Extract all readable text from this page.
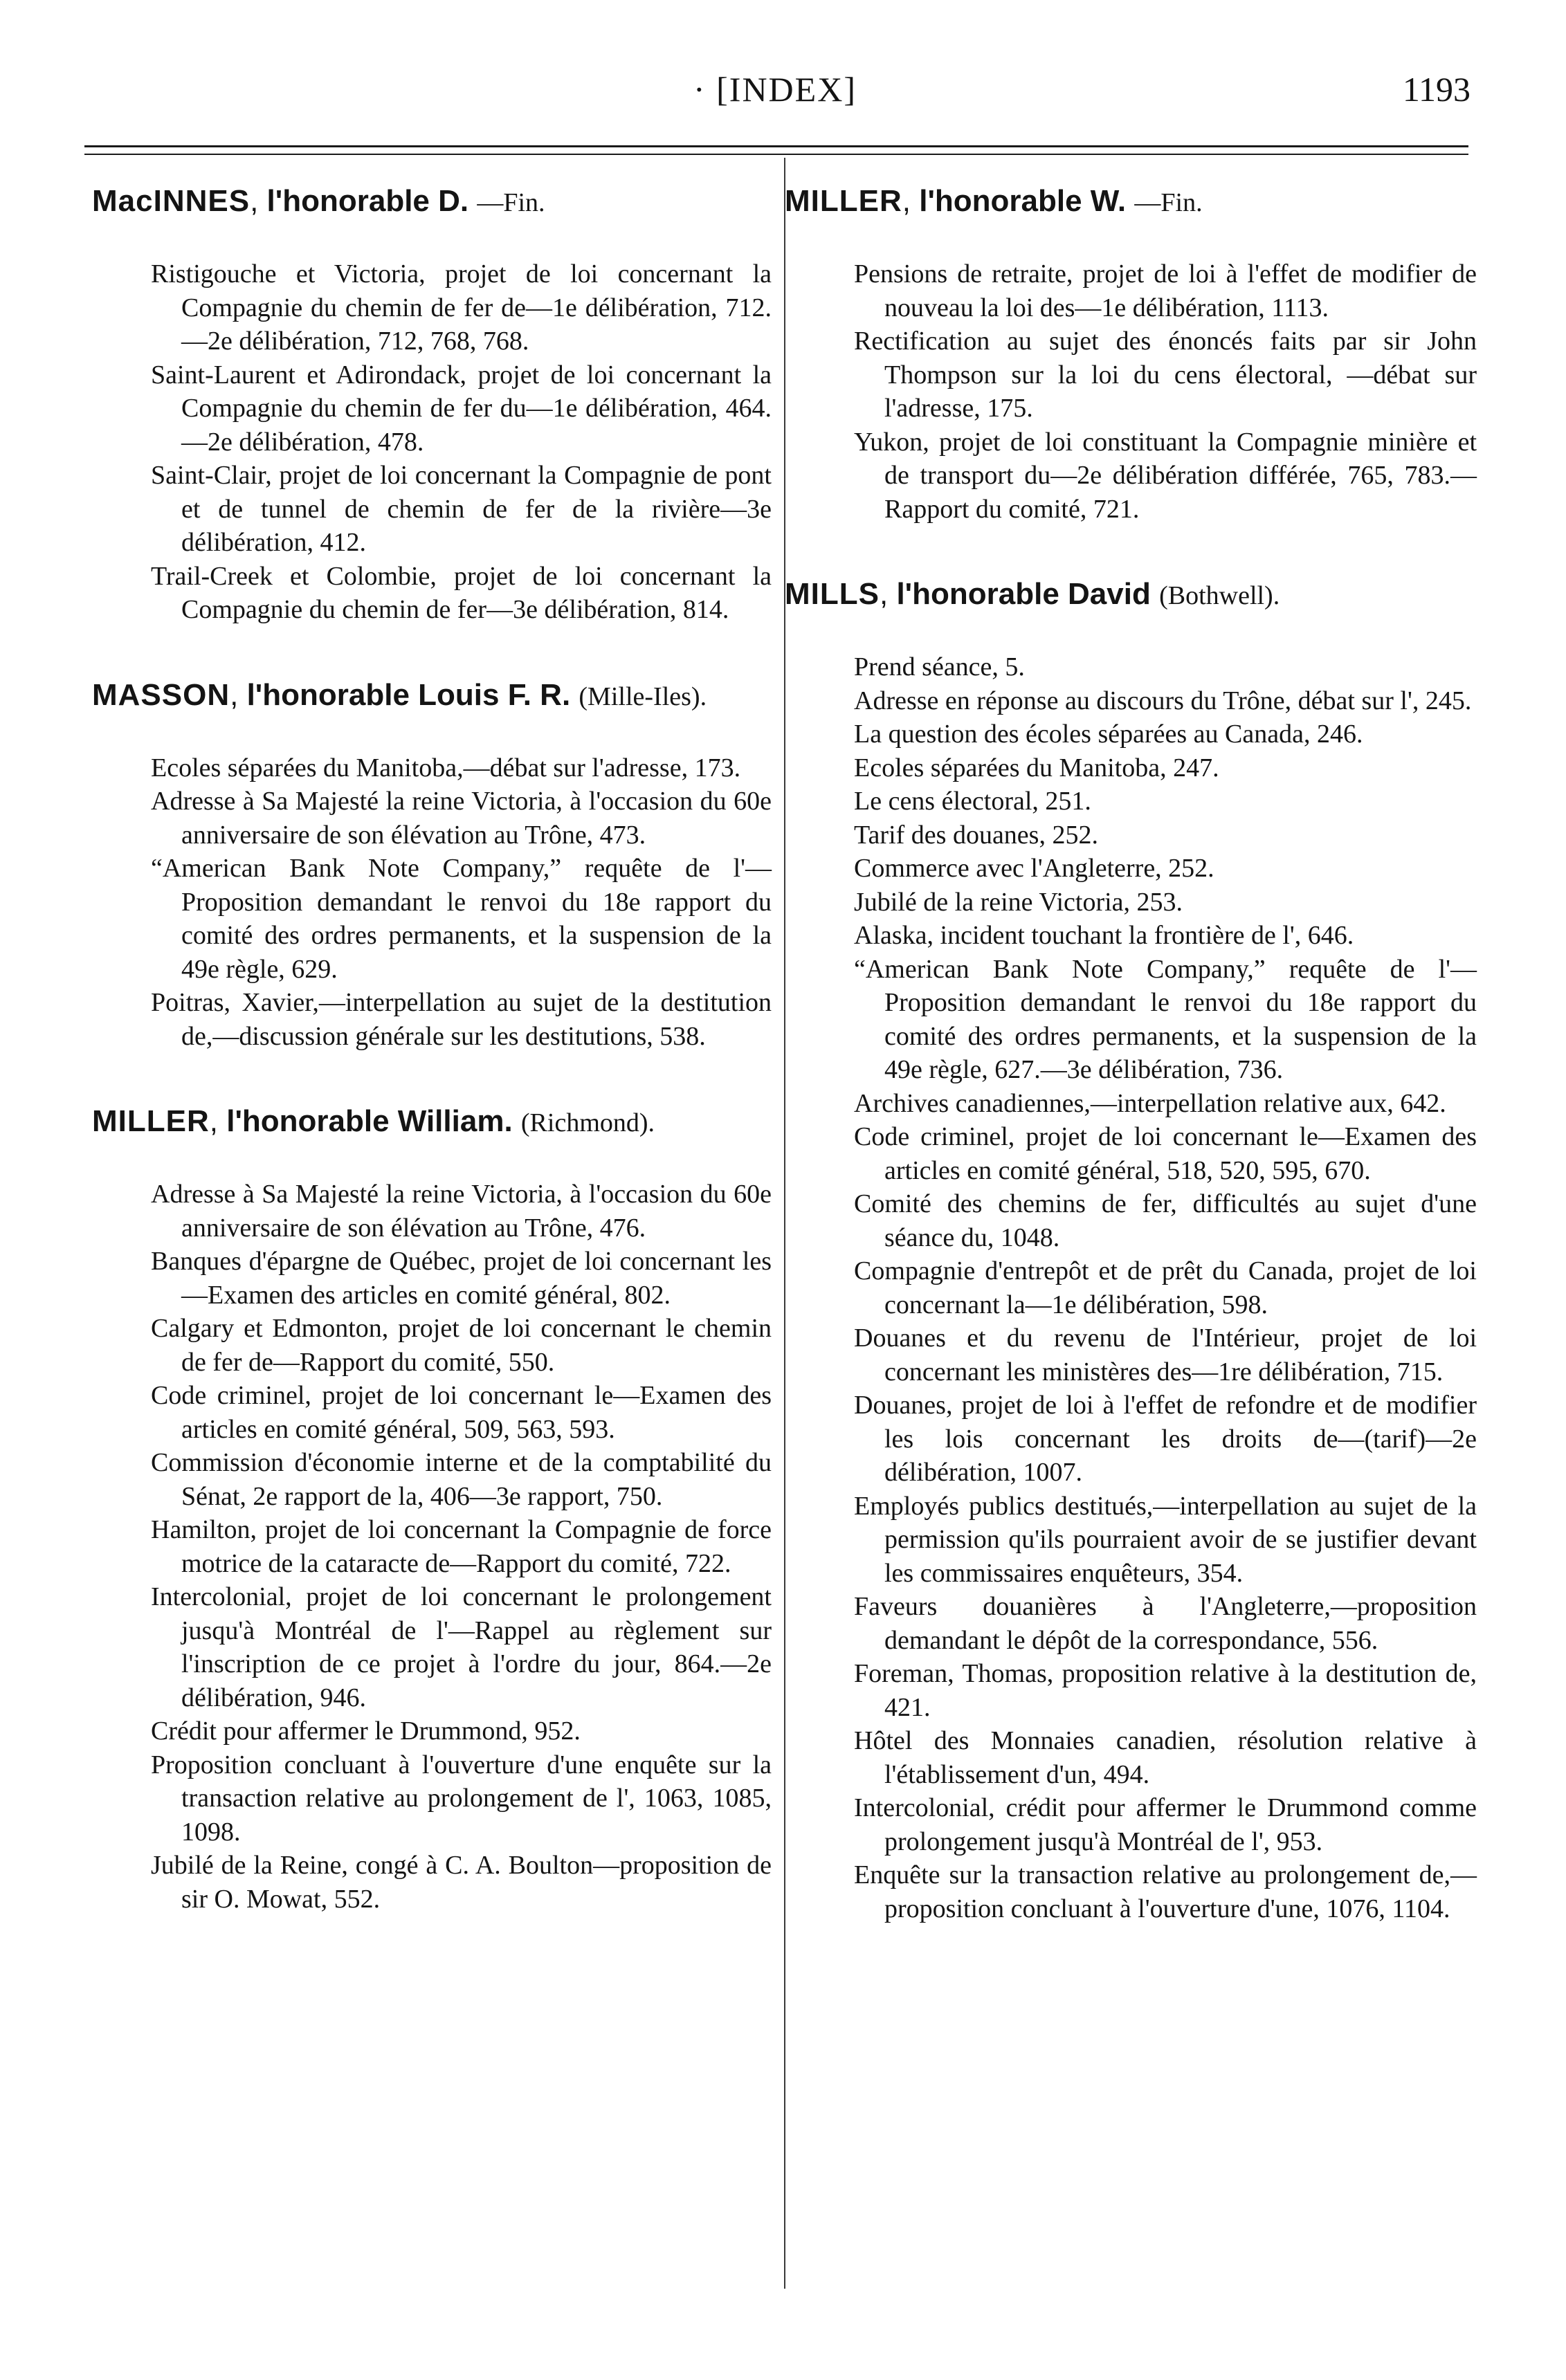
· [INDEX]	1193
MacINNES, l'honorable D. —Fin.

Ristigouche et Victoria, projet de loi concernant la Compagnie du chemin de fer de—1e délibération, 712.—2e délibération, 712, 768, 768.

Saint-Laurent et Adirondack, projet de loi concernant la Compagnie du chemin de fer du—1e délibération, 464.—2e délibération, 478.

Saint-Clair, projet de loi concernant la Compagnie de pont et de tunnel de chemin de fer de la rivière—3e délibération, 412.

Trail-Creek et Colombie, projet de loi concernant la Compagnie du chemin de fer—3e délibération, 814.

MASSON, l'honorable Louis F. R. (Mille-Iles).

Ecoles séparées du Manitoba,—débat sur l'adresse, 173.

Adresse à Sa Majesté la reine Victoria, à l'occasion du 60e anniversaire de son élévation au Trône, 473.

“American Bank Note Company,” requête de l'—Proposition demandant le renvoi du 18e rapport du comité des ordres permanents, et la suspension de la 49e règle, 629.

Poitras, Xavier,—interpellation au sujet de la destitution de,—discussion générale sur les destitutions, 538.

MILLER, l'honorable William. (Richmond).

Adresse à Sa Majesté la reine Victoria, à l'occasion du 60e anniversaire de son élévation au Trône, 476.

Banques d'épargne de Québec, projet de loi concernant les—Examen des articles en comité général, 802.

Calgary et Edmonton, projet de loi concernant le chemin de fer de—Rapport du comité, 550.

Code criminel, projet de loi concernant le—Examen des articles en comité général, 509, 563, 593.

Commission d'économie interne et de la comptabilité du Sénat, 2e rapport de la, 406—3e rapport, 750.

Hamilton, projet de loi concernant la Compagnie de force motrice de la cataracte de—Rapport du comité, 722.

Intercolonial, projet de loi concernant le prolongement jusqu'à Montréal de l'—Rappel au règlement sur l'inscription de ce projet à l'ordre du jour, 864.—2e délibération, 946.

Crédit pour affermer le Drummond, 952.

Proposition concluant à l'ouverture d'une enquête sur la transaction relative au prolongement de l', 1063, 1085, 1098.

Jubilé de la Reine, congé à C. A. Boulton—proposition de sir O. Mowat, 552.

MILLER, l'honorable W. —Fin.

Pensions de retraite, projet de loi à l'effet de modifier de nouveau la loi des—1e délibération, 1113.

Rectification au sujet des énoncés faits par sir John Thompson sur la loi du cens électoral, —débat sur l'adresse, 175.

Yukon, projet de loi constituant la Compagnie minière et de transport du—2e délibération différée, 765, 783.—Rapport du comité, 721.

MILLS, l'honorable David (Bothwell).

Prend séance, 5.

Adresse en réponse au discours du Trône, débat sur l', 245.

La question des écoles séparées au Canada, 246.

Ecoles séparées du Manitoba, 247.

Le cens électoral, 251.

Tarif des douanes, 252.

Commerce avec l'Angleterre, 252.

Jubilé de la reine Victoria, 253.

Alaska, incident touchant la frontière de l', 646.

“American Bank Note Company,” requête de l'—Proposition demandant le renvoi du 18e rapport du comité des ordres permanents, et la suspension de la 49e règle, 627.—3e délibération, 736.

Archives canadiennes,—interpellation relative aux, 642.

Code criminel, projet de loi concernant le—Examen des articles en comité général, 518, 520, 595, 670.

Comité des chemins de fer, difficultés au sujet d'une séance du, 1048.

Compagnie d'entrepôt et de prêt du Canada, projet de loi concernant la—1e délibération, 598.

Douanes et du revenu de l'Intérieur, projet de loi concernant les ministères des—1re délibération, 715.

Douanes, projet de loi à l'effet de refondre et de modifier les lois concernant les droits de—(tarif)—2e délibération, 1007.

Employés publics destitués,—interpellation au sujet de la permission qu'ils pourraient avoir de se justifier devant les commissaires enquêteurs, 354.

Faveurs douanières à l'Angleterre,—proposition demandant le dépôt de la correspondance, 556.

Foreman, Thomas, proposition relative à la destitution de, 421.

Hôtel des Monnaies canadien, résolution relative à l'établissement d'un, 494.

Intercolonial, crédit pour affermer le Drummond comme prolongement jusqu'à Montréal de l', 953.

Enquête sur la transaction relative au prolongement de,—proposition concluant à l'ouverture d'une, 1076, 1104.
